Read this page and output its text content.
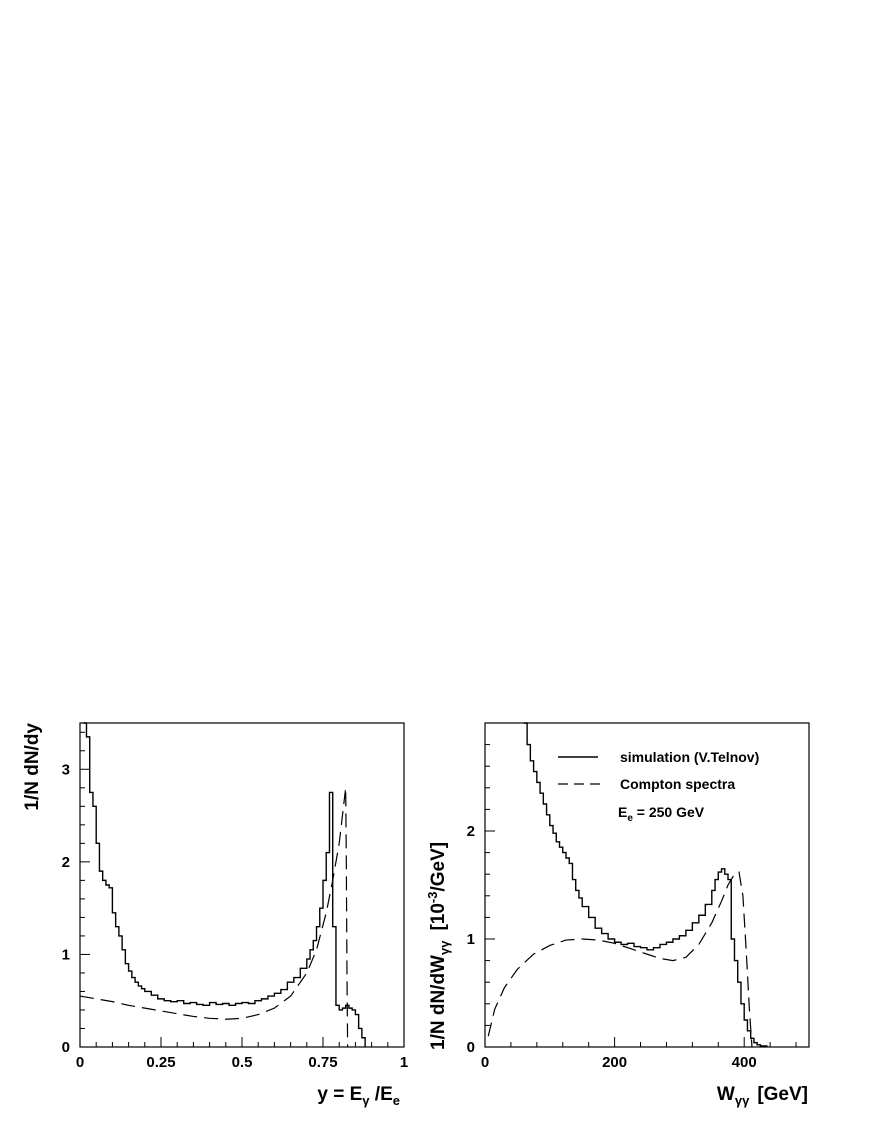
0	0.25	0.5	0.75	1
0
1
2
3
$y = E_\gamma$ $/E_e$
1/N dN/dy
0	200	400
0
1
2
simulation (V.Telnov)
Compton spectra
$E_e = 250$ GeV
$W_{\gamma\gamma}$ [GeV]
1/N $dN/dW_{\gamma\gamma}[10^{-3}/GeV]$
